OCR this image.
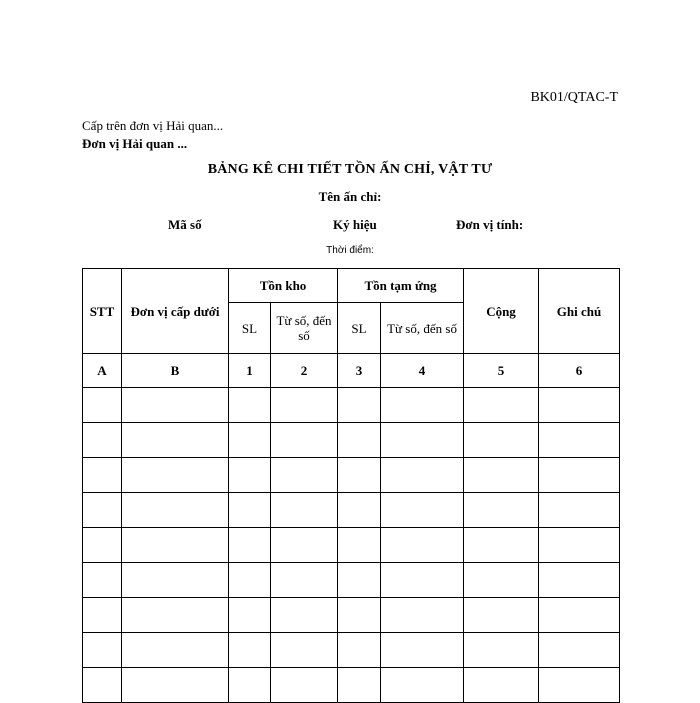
BK01/QTAC-T
Cấp trên đơn vị Hải quan...
Đơn vị Hải quan ...
BẢNG KÊ CHI TIẾT TỒN ẤN CHỈ, VẬT TƯ
Tên ấn chỉ:
Mã số	Ký hiệu	Đơn vị tính:
Thời điểm:
STT	Đơn vị cấp dưới	Tồn kho		Tồn tạm ứng		Cộng	Ghi chú
		SL	Từ số, đến số	SL	Từ số, đến số		
A	B	1	2	3	4	5	6
